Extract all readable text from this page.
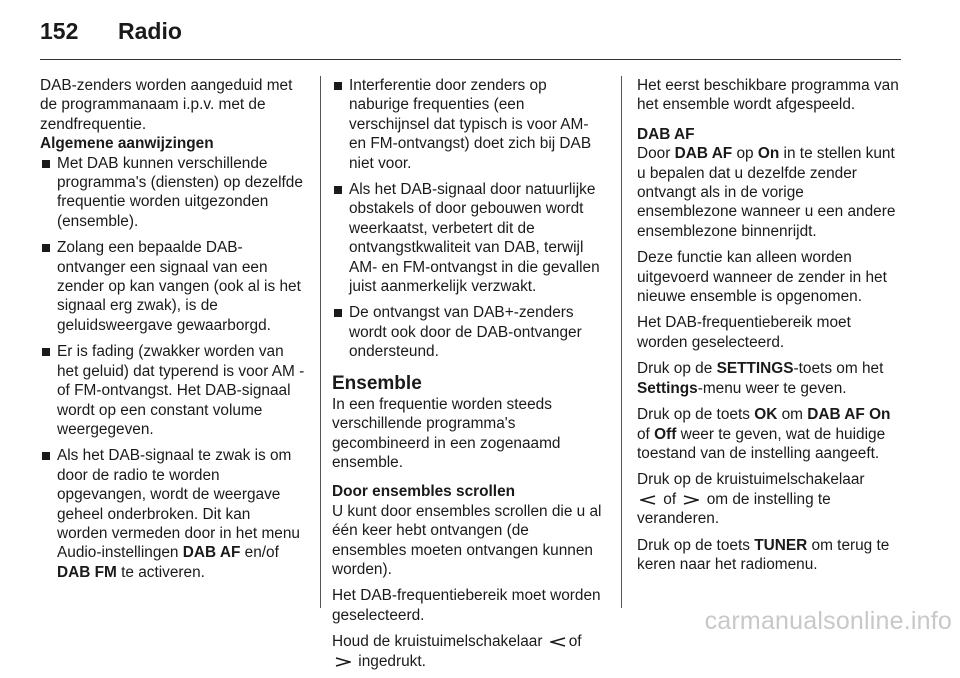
152	Radio

DAB-zenders worden aangeduid met de programmanaam i.p.v. met de zendfrequentie.

Algemene aanwijzingen
Met DAB kunnen verschillende programma's (diensten) op dezelfde frequentie worden uitgezonden (ensemble).
Zolang een bepaalde DAB-ontvanger een signaal van een zender op kan vangen (ook al is het signaal erg zwak), is de geluidsweergave gewaarborgd.
Er is fading (zwakker worden van het geluid) dat typerend is voor AM - of FM-ontvangst. Het DAB-signaal wordt op een constant volume weergegeven.
Als het DAB-signaal te zwak is om door de radio te worden opgevangen, wordt de weergave geheel onderbroken. Dit kan worden vermeden door in het menu Audio-instellingen DAB AF en/of DAB FM te activeren.
Interferentie door zenders op naburige frequenties (een verschijnsel dat typisch is voor AM- en FM-ontvangst) doet zich bij DAB niet voor.
Als het DAB-signaal door natuurlijke obstakels of door gebouwen wordt weerkaatst, verbetert dit de ontvangstkwaliteit van DAB, terwijl AM- en FM-ontvangst in die gevallen juist aanmerkelijk verzwakt.
De ontvangst van DAB+-zenders wordt ook door de DAB-ontvanger ondersteund.
Ensemble

In een frequentie worden steeds verschillende programma's gecombineerd in een zogenaamd ensemble.

Door ensembles scrollen

U kunt door ensembles scrollen die u al één keer hebt ontvangen (de ensembles moeten ontvangen kunnen worden).

Het DAB-frequentiebereik moet worden geselecteerd.

Houd de kruistuimelschakelaar of

ingedrukt.

Het eerst beschikbare programma van het ensemble wordt afgespeeld.

DAB AF

Door DAB AF op On in te stellen kunt u bepalen dat u dezelfde zender ontvangt als in de vorige ensemblezone wanneer u een andere ensemblezone binnenrijdt.

Deze functie kan alleen worden uitgevoerd wanneer de zender in het nieuwe ensemble is opgenomen.

Het DAB-frequentiebereik moet worden geselecteerd.

Druk op de SETTINGS-toets om het Settings-menu weer te geven.

Druk op de toets OK om DAB AF On of Off weer te geven, wat de huidige toestand van de instelling aangeeft.

Druk op de kruistuimelschakelaar

of om de instelling te veranderen.

Druk op de toets TUNER om terug te keren naar het radiomenu.

carmanualsonline.info
